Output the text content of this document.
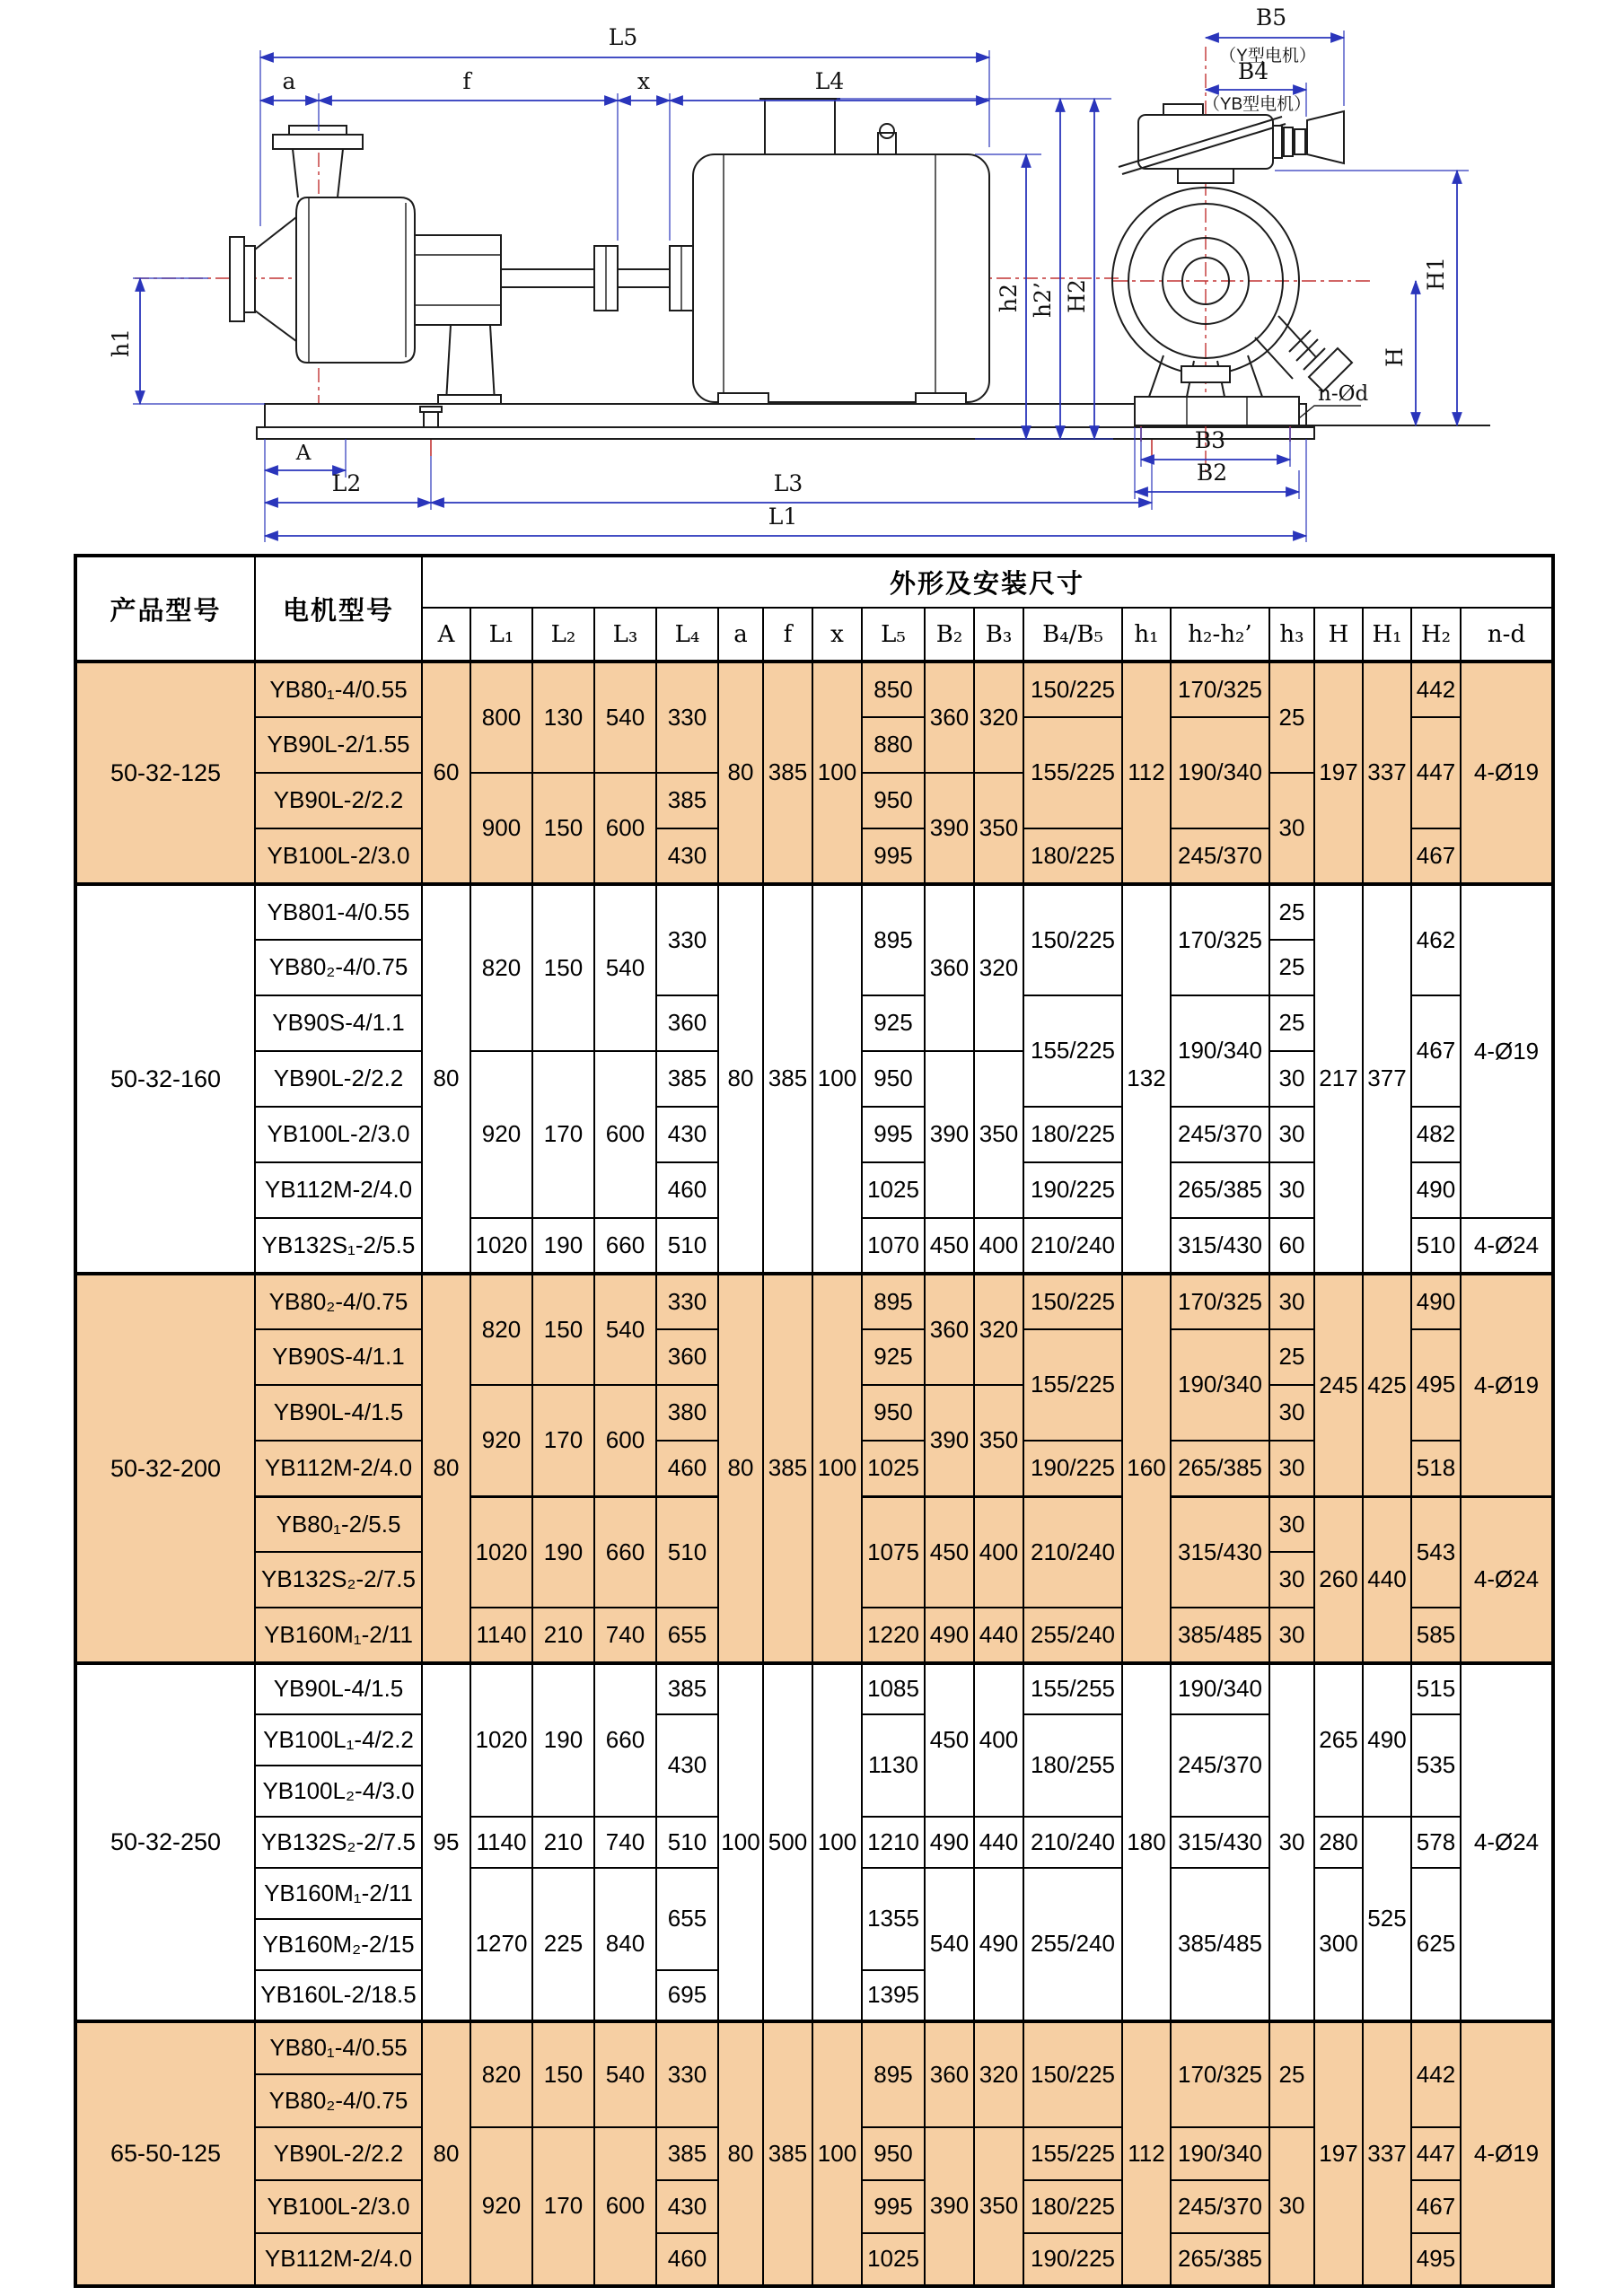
L5
a	f	x	L4
h1
h2 h2’ H2
A
L2	L3
L1
B5
（Y型电机）
B4
（YB型电机）
H1
H
n-Ød
B3
B2
产品型号	电机型号	外形及安装尺寸																		
		A	L₁	L₂	L₃	L₄	a	f	x	L₅	B₂	B₃	B₄/B₅	h₁	h₂-h₂’	h₃	H	H₁	H₂	n-d
50-32-125	YB80₁-4/0.55	60	800	130	540	330	80	385	100	850	360	320	150/225	112	170/325	25	197	337	442	4-Ø19
	YB90L-2/1.55									880			155/225		190/340				447	
	YB90L-2/2.2		900	150	600	385				950	390	350				30				
	YB100L-2/3.0					430				995			180/225		245/370				467	
50-32-160	YB801-4/0.55	80	820	150	540	330	80	385	100	895	360	320	150/225	132	170/325	25	217	377	462	4-Ø19
	YB80₂-4/0.75															25				
	YB90S-4/1.1					360				925			155/225		190/340	25			467	
	YB90L-2/2.2		920	170	600	385				950	390	350				30				
	YB100L-2/3.0					430				995			180/225		245/370	30			482	
	YB112M-2/4.0					460				1025			190/225		265/385	30			490	
	YB132S₁-2/5.5		1020	190	660	510				1070	450	400	210/240		315/430	60			510	4-Ø24
50-32-200	YB80₂-4/0.75	80	820	150	540	330	80	385	100	895	360	320	150/225	160	170/325	30	245	425	490	4-Ø19
	YB90S-4/1.1					360				925			155/225		190/340	25			495	
	YB90L-4/1.5		920	170	600	380				950	390	350				30				
	YB112M-2/4.0					460				1025			190/225		265/385	30			518	
	YB80₁-2/5.5		1020	190	660	510				1075	450	400	210/240		315/430	30	260	440	543	4-Ø24
	YB132S₂-2/7.5															30				
	YB160M₁-2/11		1140	210	740	655				1220	490	440	255/240		385/485	30			585	
50-32-250	YB90L-4/1.5	95	1020	190	660	385	100	500	100	1085	450	400	155/255	180	190/340	30	265	490	515	4-Ø24
	YB100L₁-4/2.2					430				1130			180/255		245/370				535	
	YB100L₂-4/3.0																			
	YB132S₂-2/7.5		1140	210	740	510				1210	490	440	210/240		315/430		280	525	578	
	YB160M₁-2/11		1270	225	840	655				1355	540	490	255/240		385/485		300		625	
	YB160M₂-2/15																			
	YB160L-2/18.5					695				1395										
65-50-125	YB80₁-4/0.55	80	820	150	540	330	80	385	100	895	360	320	150/225	112	170/325	25	197	337	442	4-Ø19
	YB80₂-4/0.75																			
	YB90L-2/2.2		920	170	600	385				950	390	350	155/225		190/340	30			447	
	YB100L-2/3.0					430				995			180/225		245/370				467	
	YB112M-2/4.0					460				1025			190/225		265/385				495	
